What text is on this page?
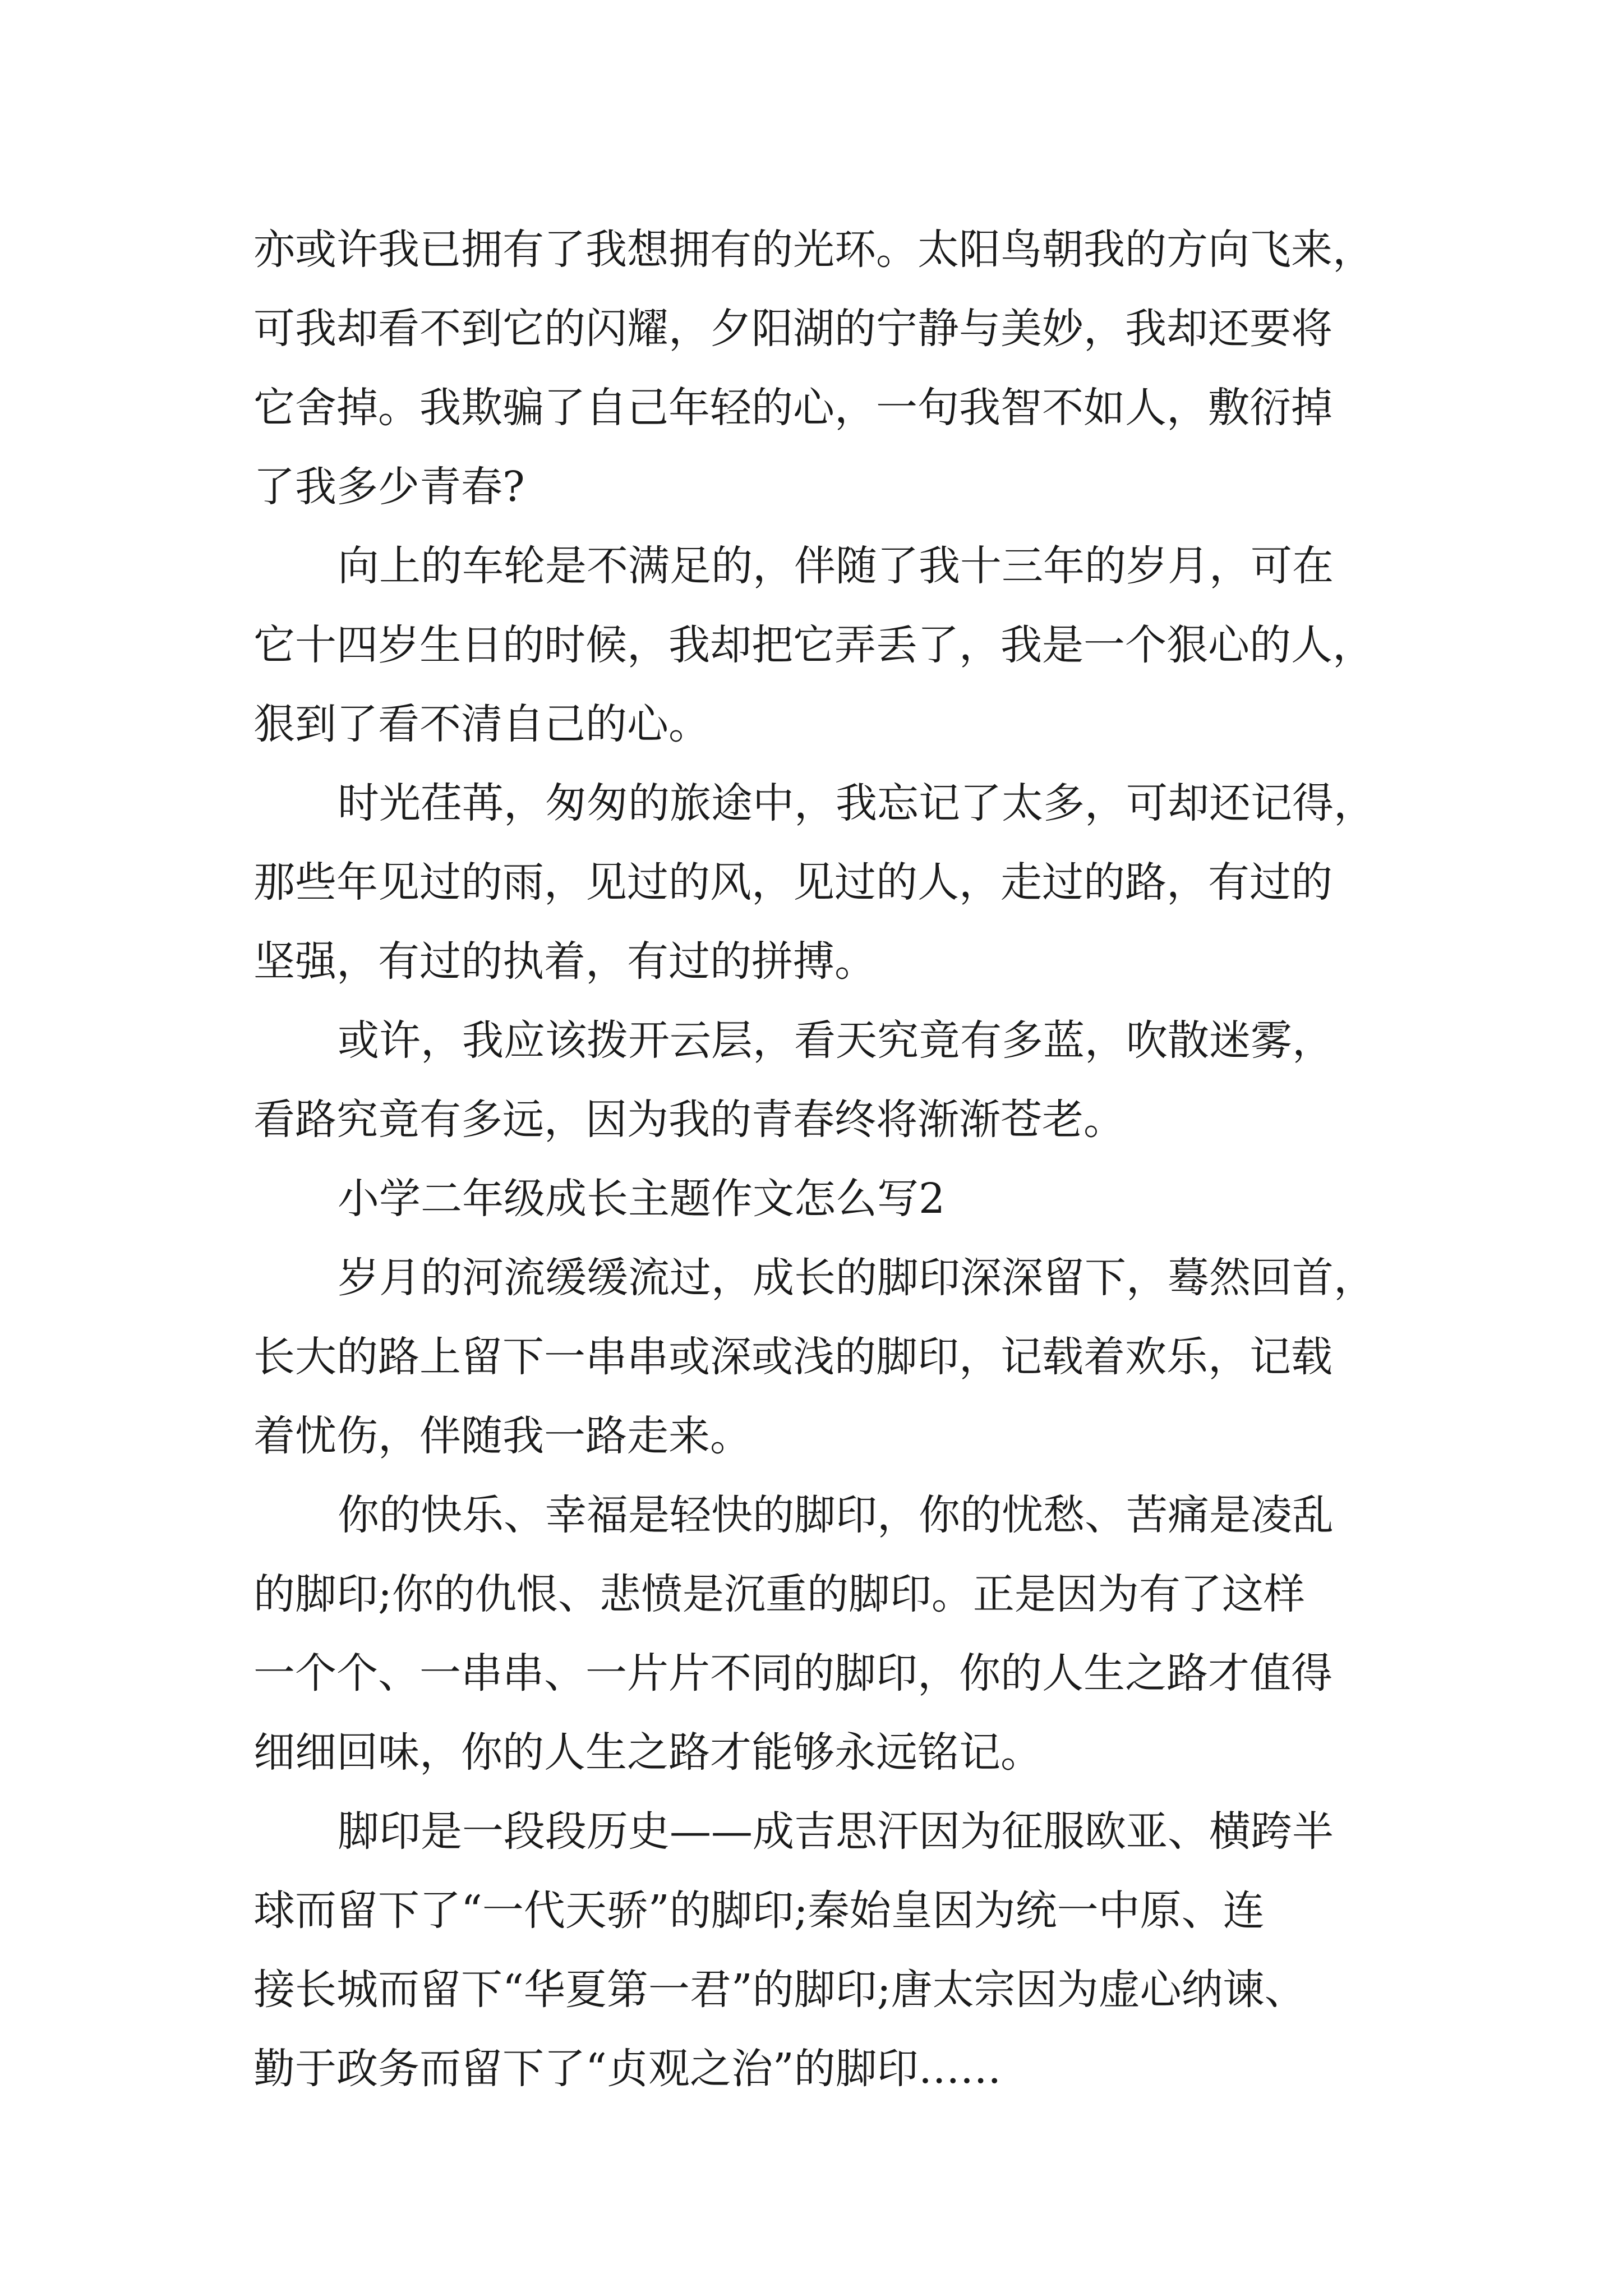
亦或许我已拥有了我想拥有的光环。太阳鸟朝我的方向飞来，
可我却看不到它的闪耀，夕阳湖的宁静与美妙，我却还要将
它舍掉。我欺骗了自己年轻的心，一句我智不如人，敷衍掉
了我多少青春?
向上的车轮是不满足的，伴随了我十三年的岁月，可在
它十四岁生日的时候，我却把它弄丢了，我是一个狠心的人，
狠到了看不清自己的心。
时光荏苒，匆匆的旅途中，我忘记了太多，可却还记得，
那些年见过的雨，见过的风，见过的人，走过的路，有过的
坚强，有过的执着，有过的拼搏。
或许，我应该拨开云层，看天究竟有多蓝，吹散迷雾，
看路究竟有多远，因为我的青春终将渐渐苍老。
小学二年级成长主题作文怎么写2
岁月的河流缓缓流过，成长的脚印深深留下，蓦然回首，
长大的路上留下一串串或深或浅的脚印，记载着欢乐，记载
着忧伤，伴随我一路走来。
你的快乐、幸福是轻快的脚印，你的忧愁、苦痛是凌乱
的脚印;你的仇恨、悲愤是沉重的脚印。正是因为有了这样
一个个、一串串、一片片不同的脚印，你的人生之路才值得
细细回味，你的人生之路才能够永远铭记。
脚印是一段段历史——成吉思汗因为征服欧亚、横跨半
球而留下了“一代天骄”的脚印;秦始皇因为统一中原、连
接长城而留下“华夏第一君”的脚印;唐太宗因为虚心纳谏、
勤于政务而留下了“贞观之治”的脚印……
